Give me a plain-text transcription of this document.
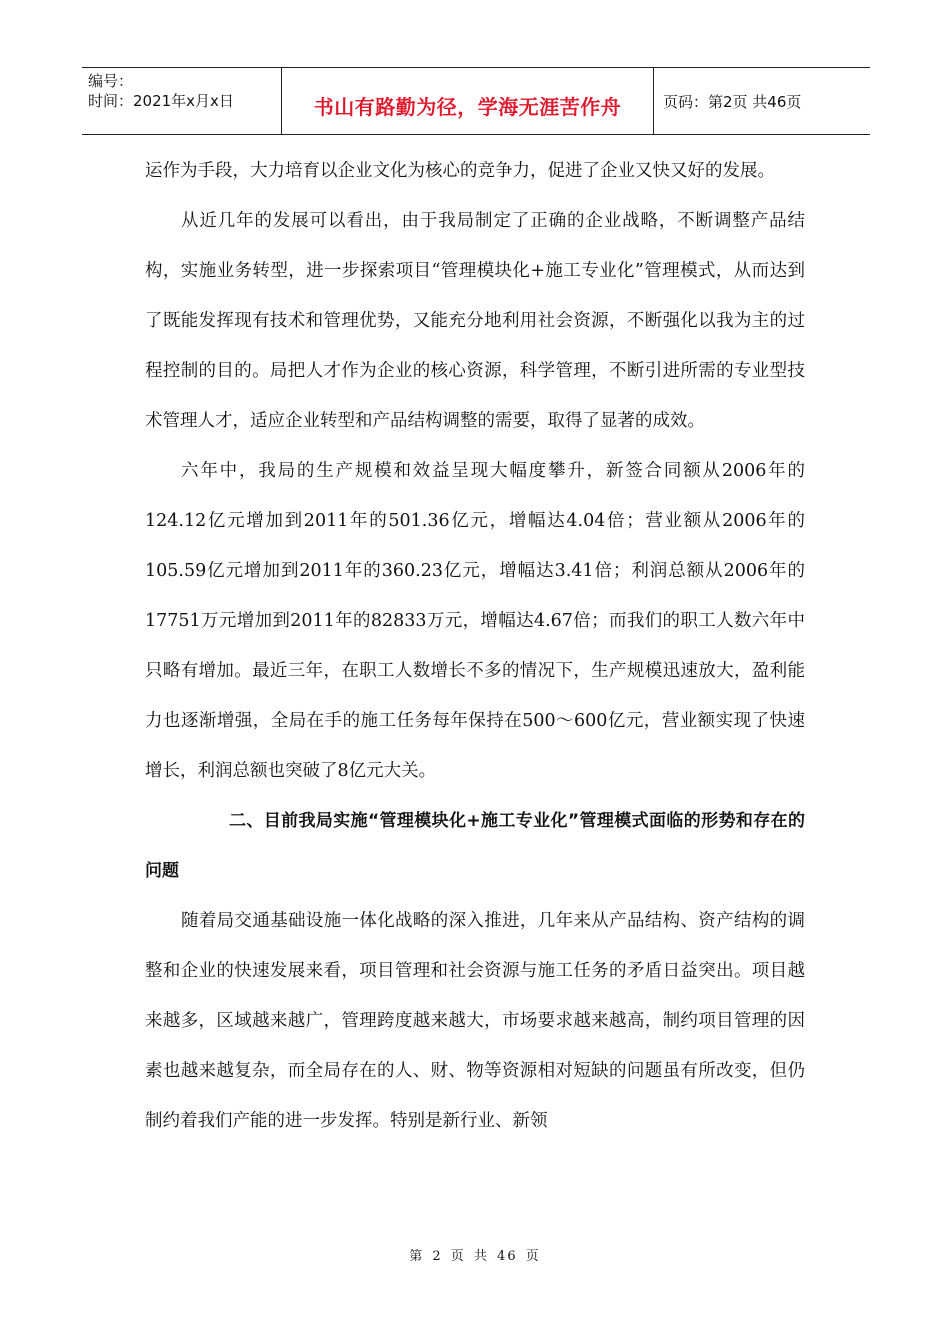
编号：
时间：2021年x月x日	书山有路勤为径，学海无涯苦作舟	页码：第2页 共46页

运作为手段，大力培育以企业文化为核心的竞争力，促进了企业又快又好的发展。

从近几年的发展可以看出，由于我局制定了正确的企业战略，不断调整产品结构，实施业务转型，进一步探索项目“管理模块化+施工专业化”管理模式，从而达到了既能发挥现有技术和管理优势，又能充分地利用社会资源，不断强化以我为主的过程控制的目的。局把人才作为企业的核心资源，科学管理，不断引进所需的专业型技术管理人才，适应企业转型和产品结构调整的需要，取得了显著的成效。

六年中，我局的生产规模和效益呈现大幅度攀升，新签合同额从2006年的124.12亿元增加到2011年的501.36亿元，增幅达4.04倍；营业额从2006年的105.59亿元增加到2011年的360.23亿元，增幅达3.41倍；利润总额从2006年的17751万元增加到2011年的82833万元，增幅达4.67倍；而我们的职工人数六年中只略有增加。最近三年，在职工人数增长不多的情况下，生产规模迅速放大，盈利能力也逐渐增强，全局在手的施工任务每年保持在500～600亿元，营业额实现了快速增长，利润总额也突破了8亿元大关。

二、目前我局实施“管理模块化+施工专业化”管理模式面临的形势和存在的问题

随着局交通基础设施一体化战略的深入推进，几年来从产品结构、资产结构的调整和企业的快速发展来看，项目管理和社会资源与施工任务的矛盾日益突出。项目越来越多，区域越来越广，管理跨度越来越大，市场要求越来越高，制约项目管理的因素也越来越复杂，而全局存在的人、财、物等资源相对短缺的问题虽有所改变，但仍制约着我们产能的进一步发挥。特别是新行业、新领

第 2 页 共 46 页
